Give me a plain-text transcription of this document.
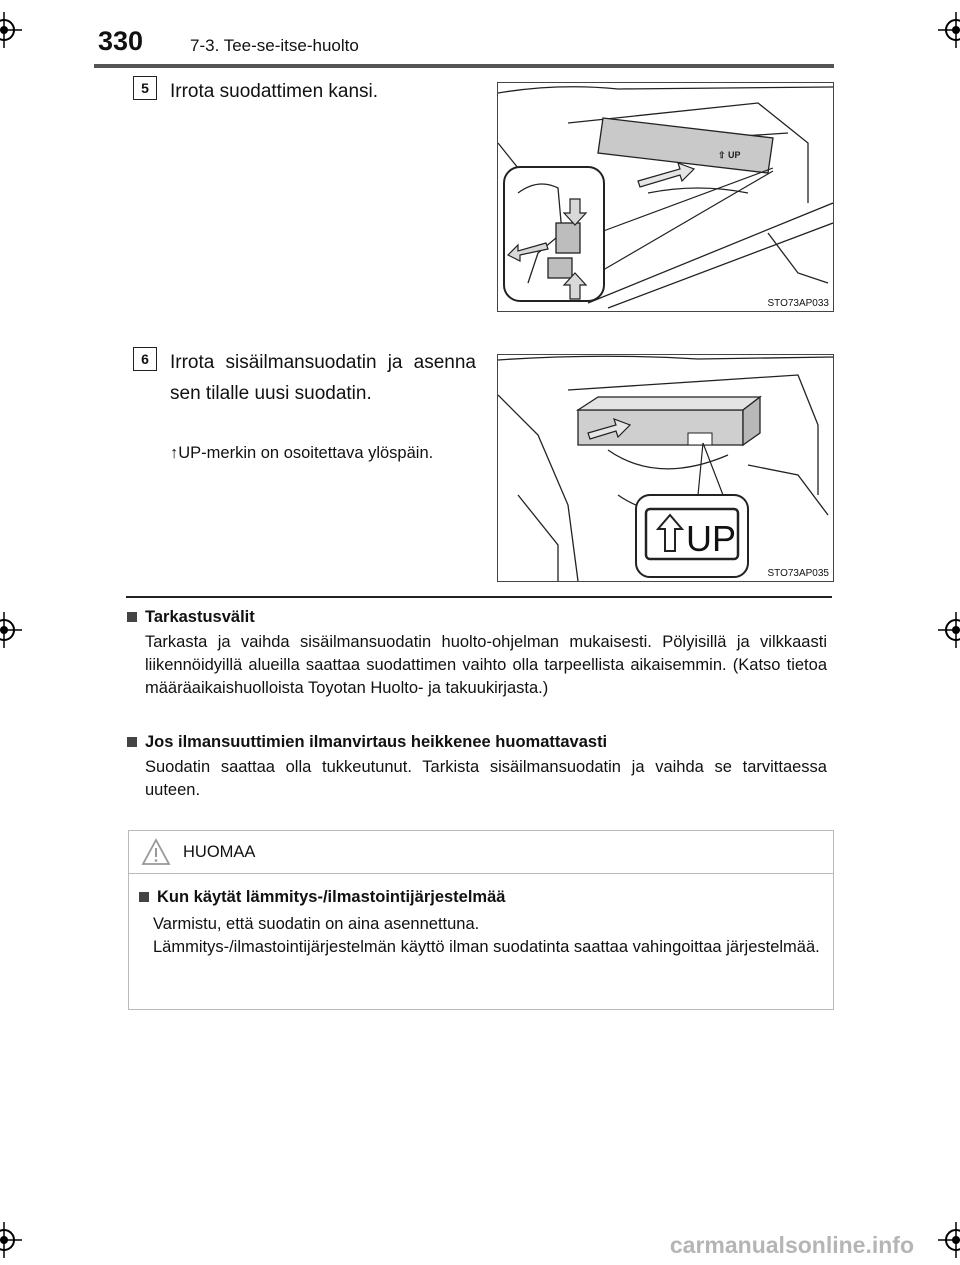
330	7-3. Tee-se-itse-huolto
5	Irrota suodattimen kansi.
⇧ UP
STO73AP033
6	Irrota sisäilmansuodatin ja asenna sen tilalle uusi suodatin.
↑UP-merkin on osoitettava ylöspäin.
UP
STO73AP035
Tarkastusvälit
Tarkasta ja vaihda sisäilmansuodatin huolto-ohjelman mukaisesti. Pölyisillä ja vilkkaasti liikennöidyillä alueilla saattaa suodattimen vaihto olla tarpeellista aikaisemmin. (Katso tietoa määräaikaishuolloista Toyotan Huolto- ja takuukirjasta.)
Jos ilmansuuttimien ilmanvirtaus heikkenee huomattavasti
Suodatin saattaa olla tukkeutunut. Tarkista sisäilmansuodatin ja vaihda se tarvittaessa uuteen.
HUOMAA
Kun käytät lämmitys-/ilmastointijärjestelmää
Varmistu, että suodatin on aina asennettuna.
Lämmitys-/ilmastointijärjestelmän käyttö ilman suodatinta saattaa vahingoittaa järjestelmää.
carmanualsonline.info
